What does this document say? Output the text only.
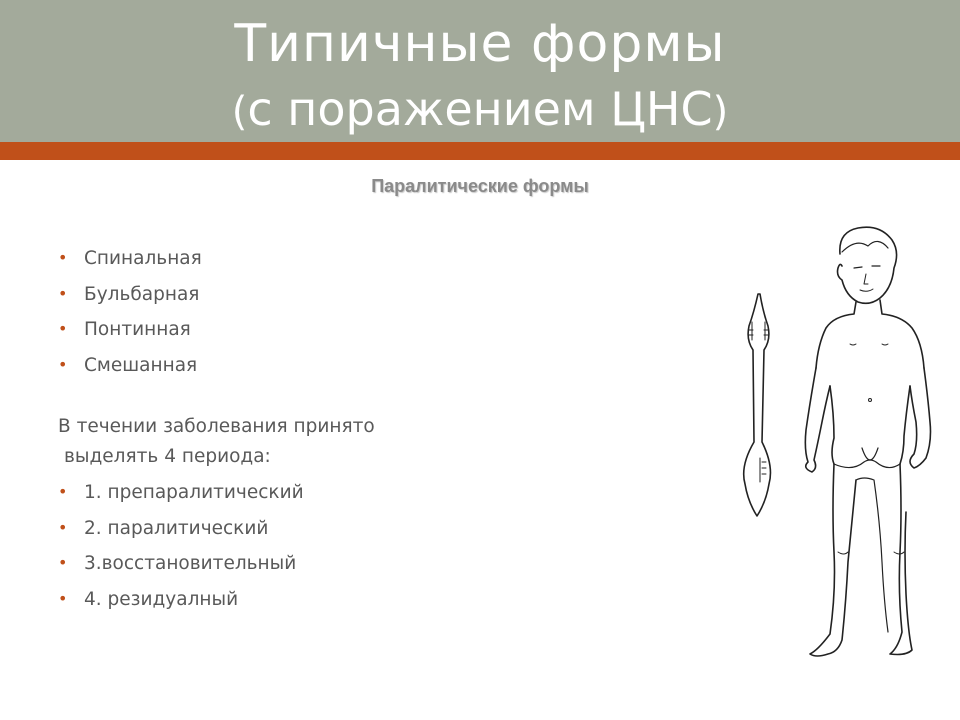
Типичные формы
(с поражением ЦНС)
Паралитические формы
• Спинальная
• Бульбарная
• Понтинная
• Смешанная
В течении заболевания принято
выделять 4 периода:
• 1. препаралитический
• 2. паралитический
• 3.восстановительный
• 4. резидуалный
